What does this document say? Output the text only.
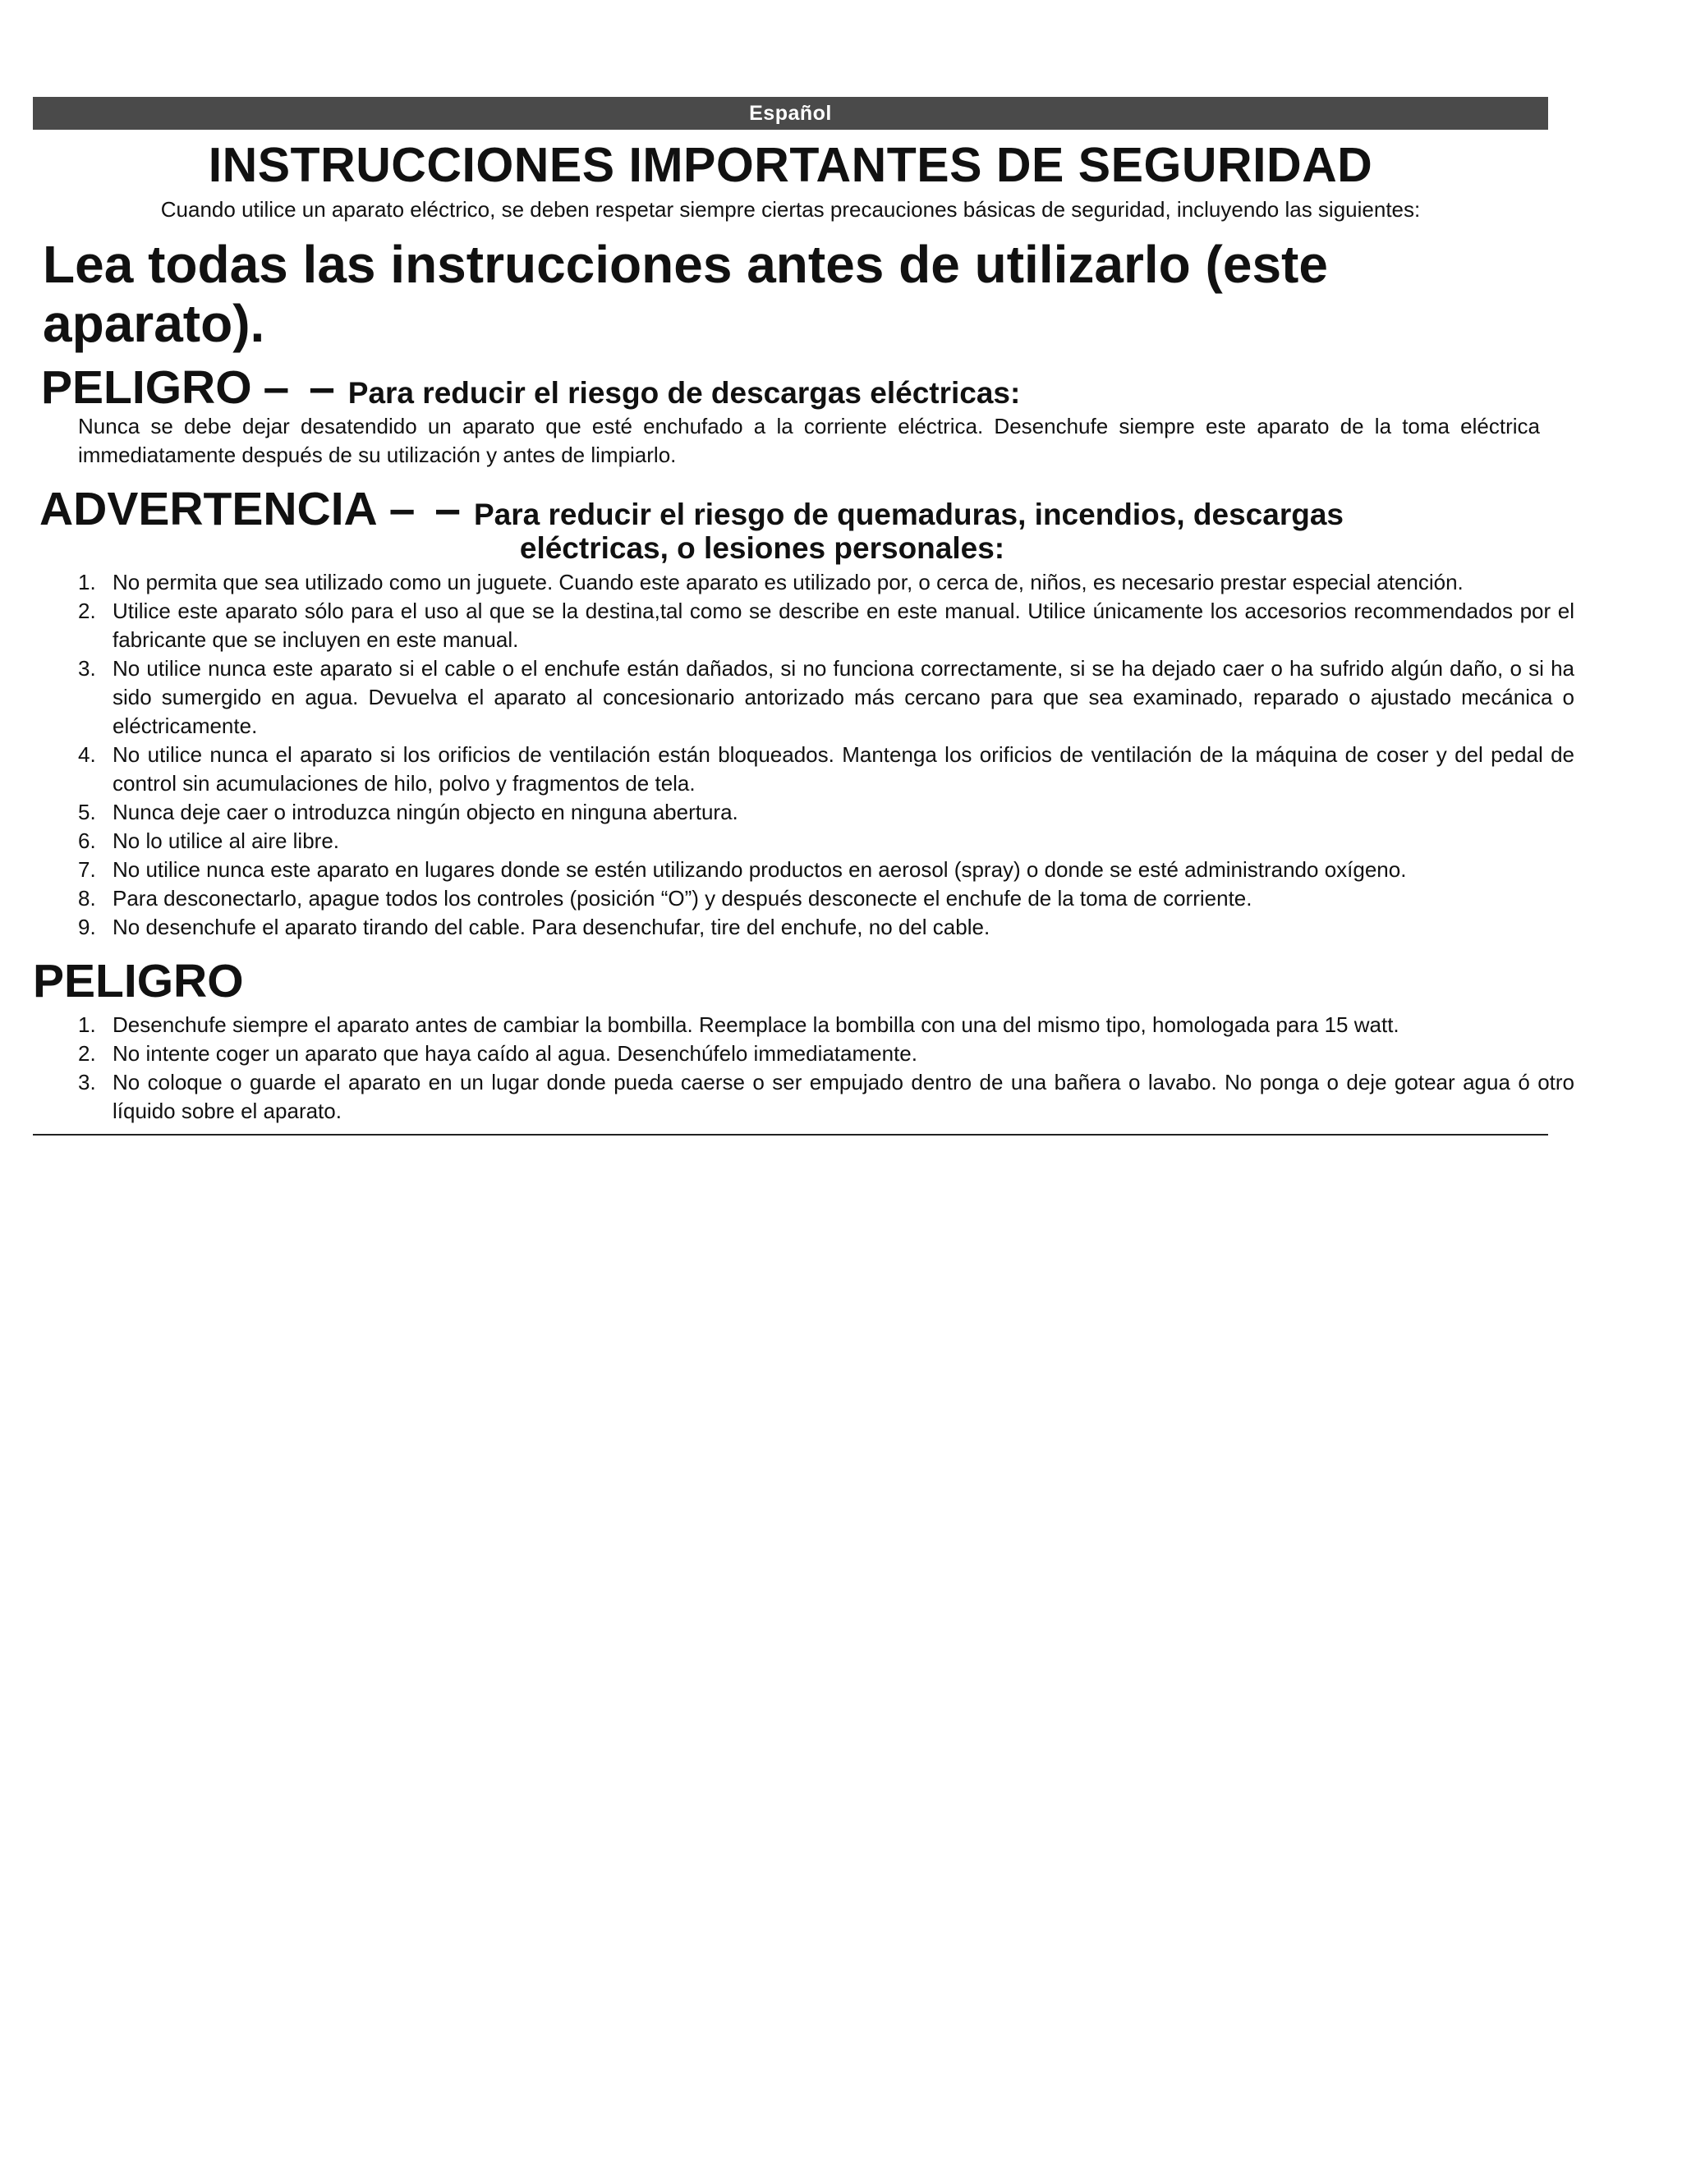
Español
INSTRUCCIONES IMPORTANTES DE SEGURIDAD
Cuando utilice un aparato eléctrico, se deben respetar siempre ciertas precauciones básicas de seguridad, incluyendo las siguientes:
Lea todas las instrucciones antes de utilizarlo (este aparato).
PELIGRO – – Para reducir el riesgo de descargas eléctricas:
Nunca se debe dejar desatendido un aparato que esté enchufado a la corriente eléctrica. Desenchufe siempre este aparato de la toma eléctrica immediatamente después de su utilización y antes de limpiarlo.
ADVERTENCIA – – Para reducir el riesgo de quemaduras, incendios, descargas
eléctricas, o lesiones personales:
1. No permita que sea utilizado como un juguete. Cuando este aparato es utilizado por, o cerca de, niños, es necesario prestar especial atención.
2. Utilice este aparato sólo para el uso al que se la destina,tal como se describe en este manual. Utilice únicamente los accesorios recommendados por el fabricante que se incluyen en este manual.
3. No utilice nunca este aparato si el cable o el enchufe están dañados, si no funciona correctamente, si se ha dejado caer o ha sufrido algún daño, o si ha sido sumergido en agua. Devuelva el aparato al concesionario antorizado más cercano para que sea examinado, reparado o ajustado mecánica o eléctricamente.
4. No utilice nunca el aparato si los orificios de ventilación están bloqueados. Mantenga los orificios de ventilación de la máquina de coser y del pedal de control sin acumulaciones de hilo, polvo y fragmentos de tela.
5. Nunca deje caer o introduzca ningún objecto en ninguna abertura.
6. No lo utilice al aire libre.
7. No utilice nunca este aparato en lugares donde se estén utilizando productos en aerosol (spray) o donde se esté administrando oxígeno.
8. Para desconectarlo, apague todos los controles (posición “O”) y después desconecte el enchufe de la toma de corriente.
9. No desenchufe el aparato tirando del cable. Para desenchufar, tire del enchufe, no del cable.
PELIGRO
1. Desenchufe siempre el aparato antes de cambiar la bombilla. Reemplace la bombilla con una del mismo tipo, homologada para 15 watt.
2. No intente coger un aparato que haya caído al agua. Desenchúfelo immediatamente.
3. No coloque o guarde el aparato en un lugar donde pueda caerse o ser empujado dentro de una bañera o lavabo. No ponga o deje gotear agua ó otro líquido sobre el aparato.
